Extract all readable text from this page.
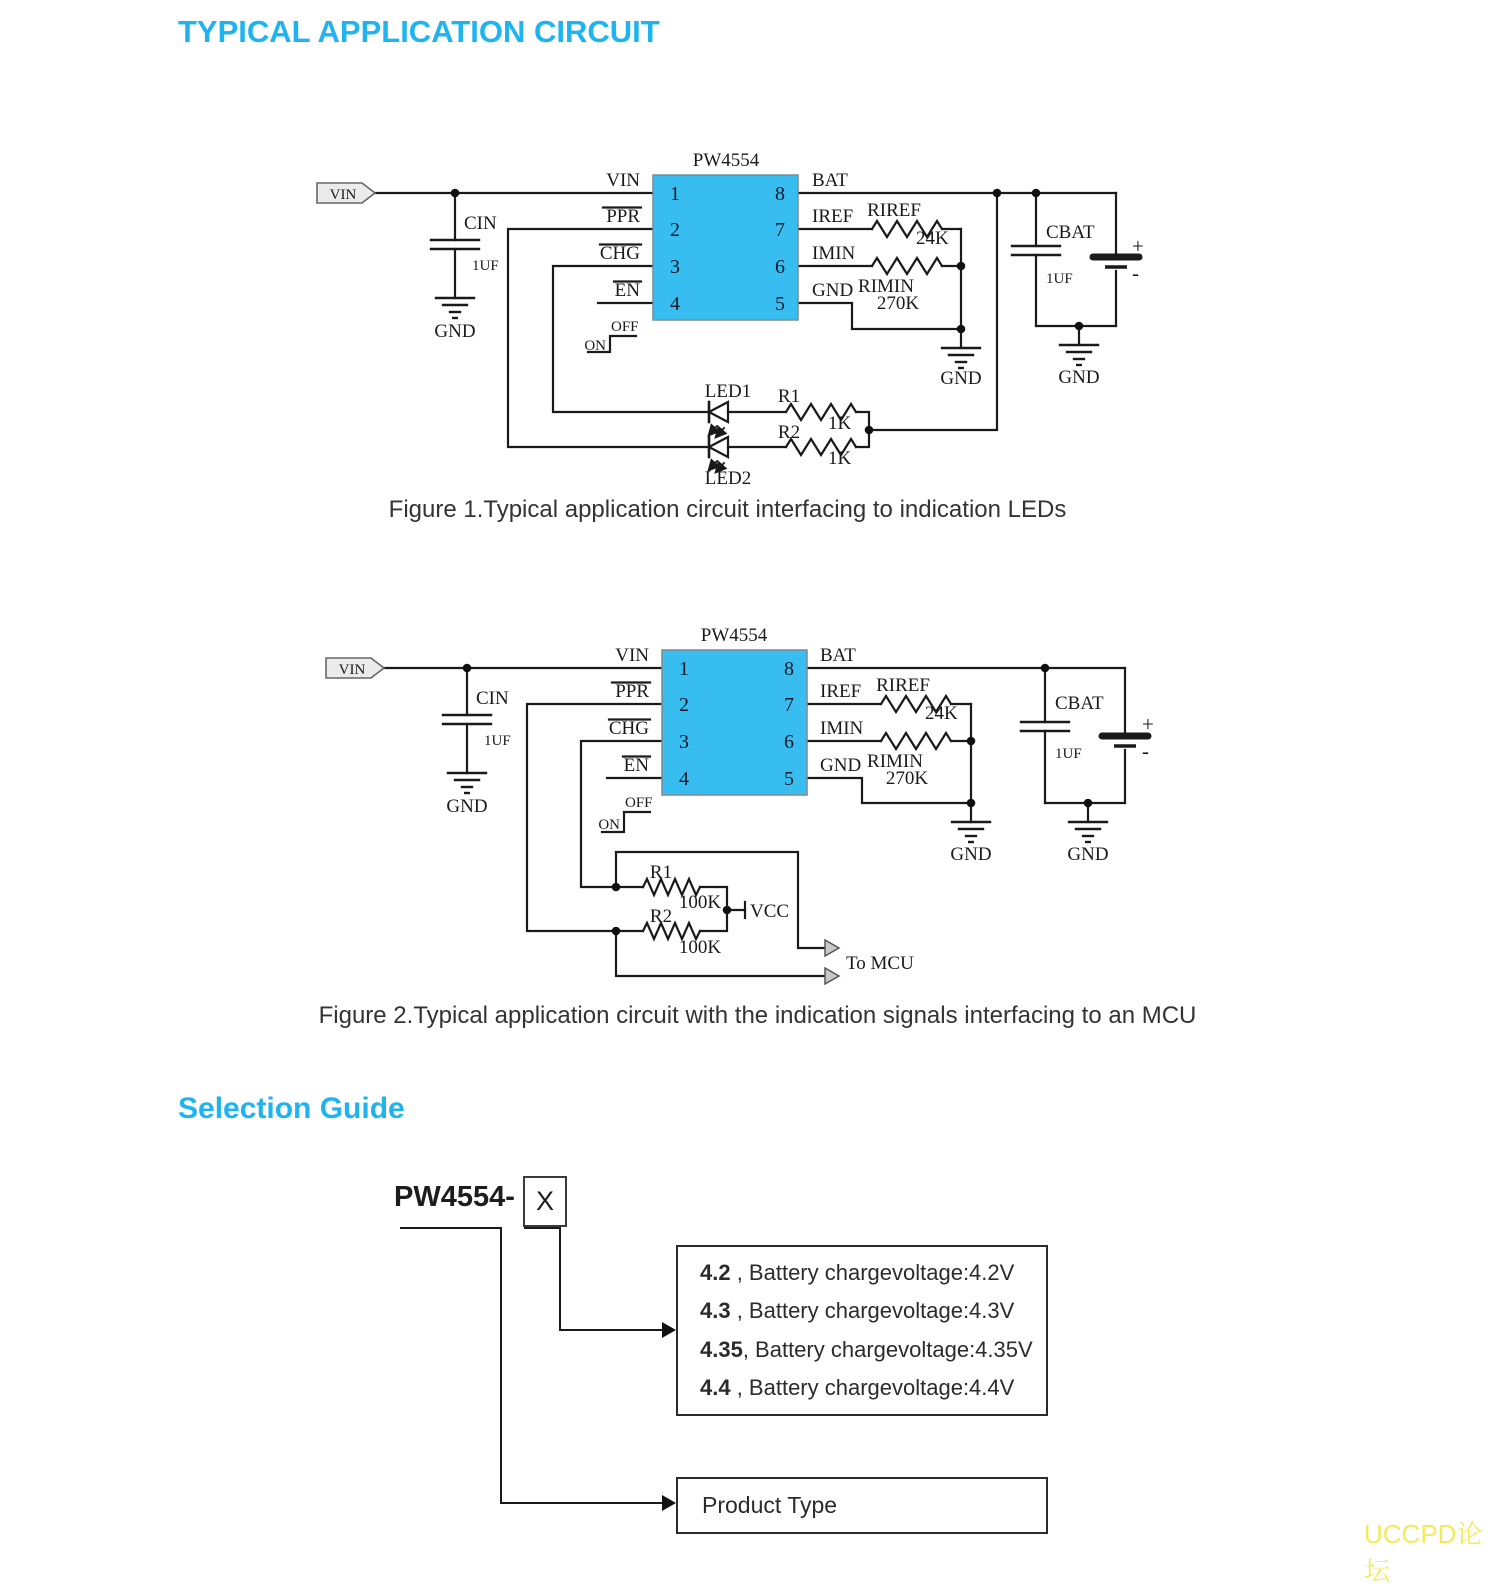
VIN
PW4554
VIN
PPR
CHG
EN
BAT
IREF
IMIN
GND
1
2
3
4
8
7
6
5
CIN
1UF
GND	OFF
ON
RIREF
24K
RIMIN
270K
GND
CBAT
1UF
+
-
GND
LED1 R1
1K
LED2
R2
1K
VIN
PW4554
VIN
PPR
CHG
EN
BAT
IREF
IMIN
GND
1
2
3
4
8
7
6
5
CIN
1UF
GND	OFF
ON
RIREF
24K
RIMIN
270K
GND
CBAT
1UF
+
-
GND
R1
100K
R2
100K
VCC
To MCU
TYPICAL APPLICATION CIRCUIT
Figure 1.Typical application circuit interfacing to indication LEDs
Figure 2.Typical application circuit with the indication signals interfacing to an MCU
Selection Guide
PW4554- X
4.2 , Battery chargevoltage:4.2V
4.3 , Battery chargevoltage:4.3V
4.35, Battery chargevoltage:4.35V
4.4 , Battery chargevoltage:4.4V
Product Type
UCCPD论坛
